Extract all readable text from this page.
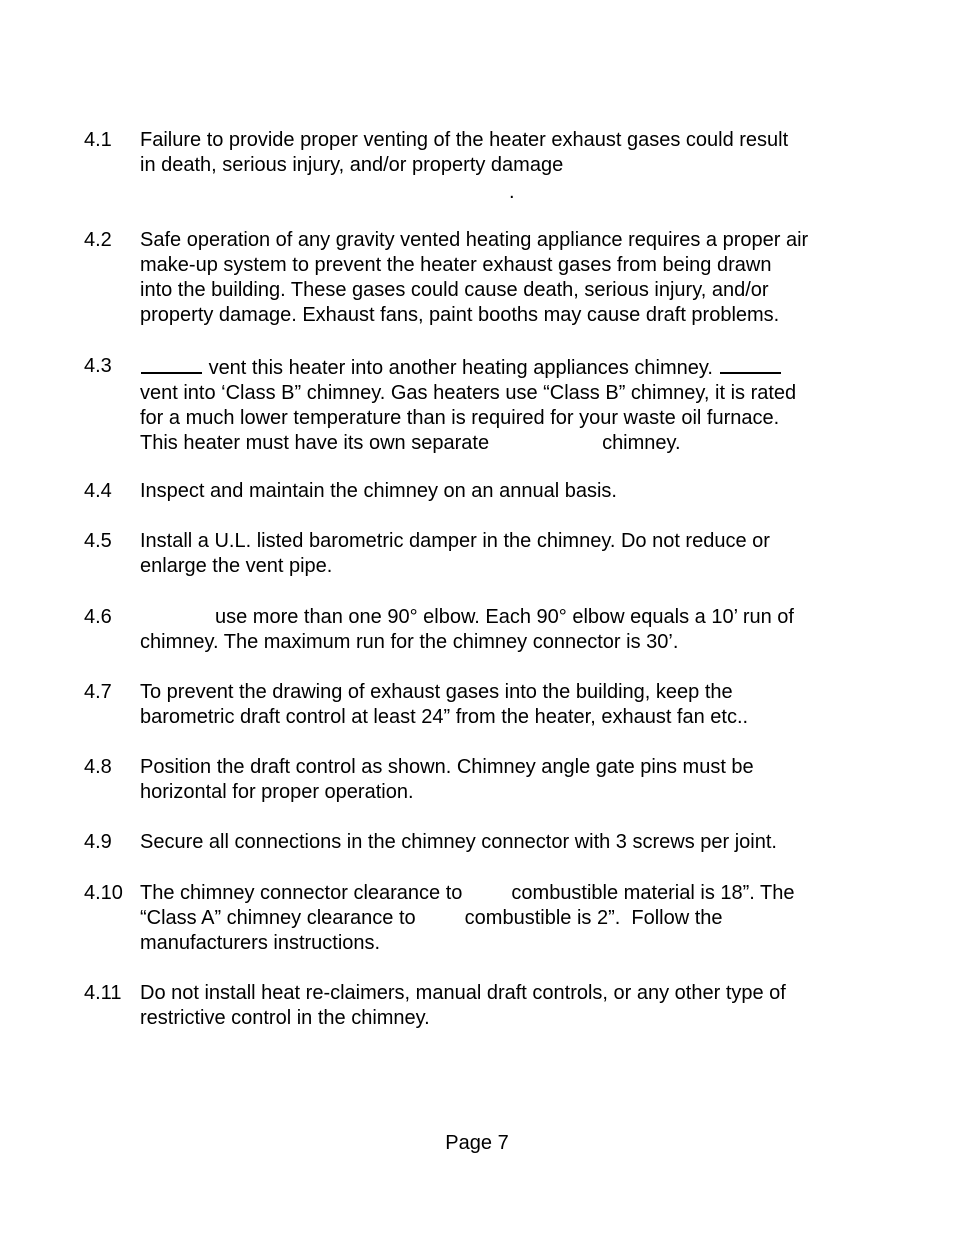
4.1 Failure to provide proper venting of the heater exhaust gases could result
in death, serious injury, and/or property damage
.
4.2 Safe operation of any gravity vented heating appliance requires a proper air
make-up system to prevent the heater exhaust gases from being drawn
into the building. These gases could cause death, serious injury, and/or
property damage. Exhaust fans, paint booths may cause draft problems.
4.3	vent this heater into another heating appliances chimney.
vent into ‘Class B” chimney. Gas heaters use “Class B” chimney, it is rated
for a much lower temperature than is required for your waste oil furnace.
This heater must have its own separate	chimney.
4.4 Inspect and maintain the chimney on an annual basis.
4.5 Install a U.L. listed barometric damper in the chimney. Do not reduce or
enlarge the vent pipe.
4.6	use more than one 90° elbow. Each 90° elbow equals a 10’ run of
chimney. The maximum run for the chimney connector is 30’.
4.7 To prevent the drawing of exhaust gases into the building, keep the
barometric draft control at least 24” from the heater, exhaust fan etc..
4.8 Position the draft control as shown. Chimney angle gate pins must be
horizontal for proper operation.
4.9 Secure all connections in the chimney connector with 3 screws per joint.
4.10 The chimney connector clearance to combustible material is 18”. The
“Class A” chimney clearance to combustible is 2”.  Follow the
manufacturers instructions.
4.11 Do not install heat re-claimers, manual draft controls, or any other type of
restrictive control in the chimney.
Page 7
